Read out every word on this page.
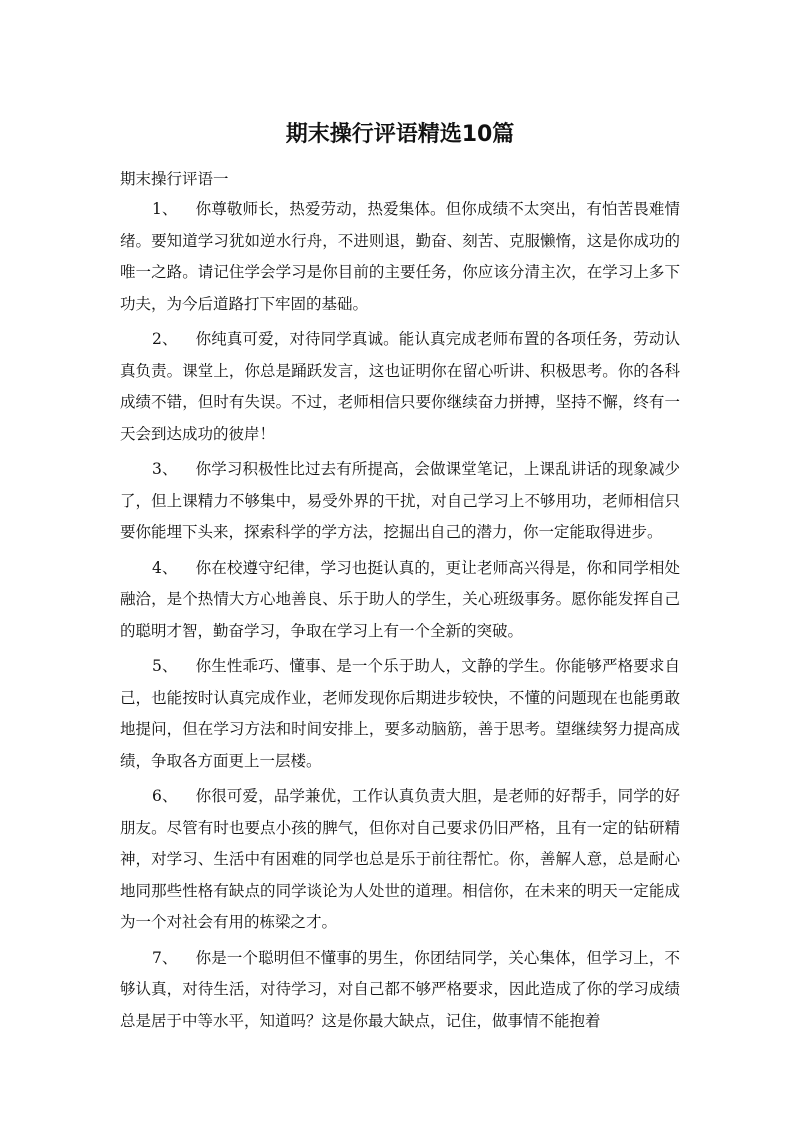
期末操行评语精选10篇

期末操行评语一

1、 你尊敬师长，热爱劳动，热爱集体。但你成绩不太突出，有怕苦畏难情绪。要知道学习犹如逆水行舟，不进则退，勤奋、刻苦、克服懒惰，这是你成功的唯一之路。请记住学会学习是你目前的主要任务，你应该分清主次，在学习上多下功夫，为今后道路打下牢固的基础。

2、 你纯真可爱，对待同学真诚。能认真完成老师布置的各项任务，劳动认真负责。课堂上，你总是踊跃发言，这也证明你在留心听讲、积极思考。你的各科成绩不错，但时有失误。不过，老师相信只要你继续奋力拼搏，坚持不懈，终有一天会到达成功的彼岸！

3、 你学习积极性比过去有所提高，会做课堂笔记，上课乱讲话的现象减少了，但上课精力不够集中，易受外界的干扰，对自己学习上不够用功，老师相信只要你能埋下头来，探索科学的学方法，挖掘出自己的潜力，你一定能取得进步。

4、 你在校遵守纪律，学习也挺认真的，更让老师高兴得是，你和同学相处融洽，是个热情大方心地善良、乐于助人的学生，关心班级事务。愿你能发挥自己的聪明才智，勤奋学习，争取在学习上有一个全新的突破。

5、 你生性乖巧、懂事、是一个乐于助人，文静的学生。你能够严格要求自己，也能按时认真完成作业，老师发现你后期进步较快，不懂的问题现在也能勇敢地提问，但在学习方法和时间安排上，要多动脑筋，善于思考。望继续努力提高成绩，争取各方面更上一层楼。

6、 你很可爱，品学兼优，工作认真负责大胆，是老师的好帮手，同学的好朋友。尽管有时也要点小孩的脾气，但你对自己要求仍旧严格，且有一定的钻研精神，对学习、生活中有困难的同学也总是乐于前往帮忙。你，善解人意，总是耐心地同那些性格有缺点的同学谈论为人处世的道理。相信你，在未来的明天一定能成为一个对社会有用的栋梁之才。

7、 你是一个聪明但不懂事的男生，你团结同学，关心集体，但学习上，不够认真，对待生活，对待学习，对自己都不够严格要求，因此造成了你的学习成绩总是居于中等水平，知道吗？这是你最大缺点，记住，做事情不能抱着
